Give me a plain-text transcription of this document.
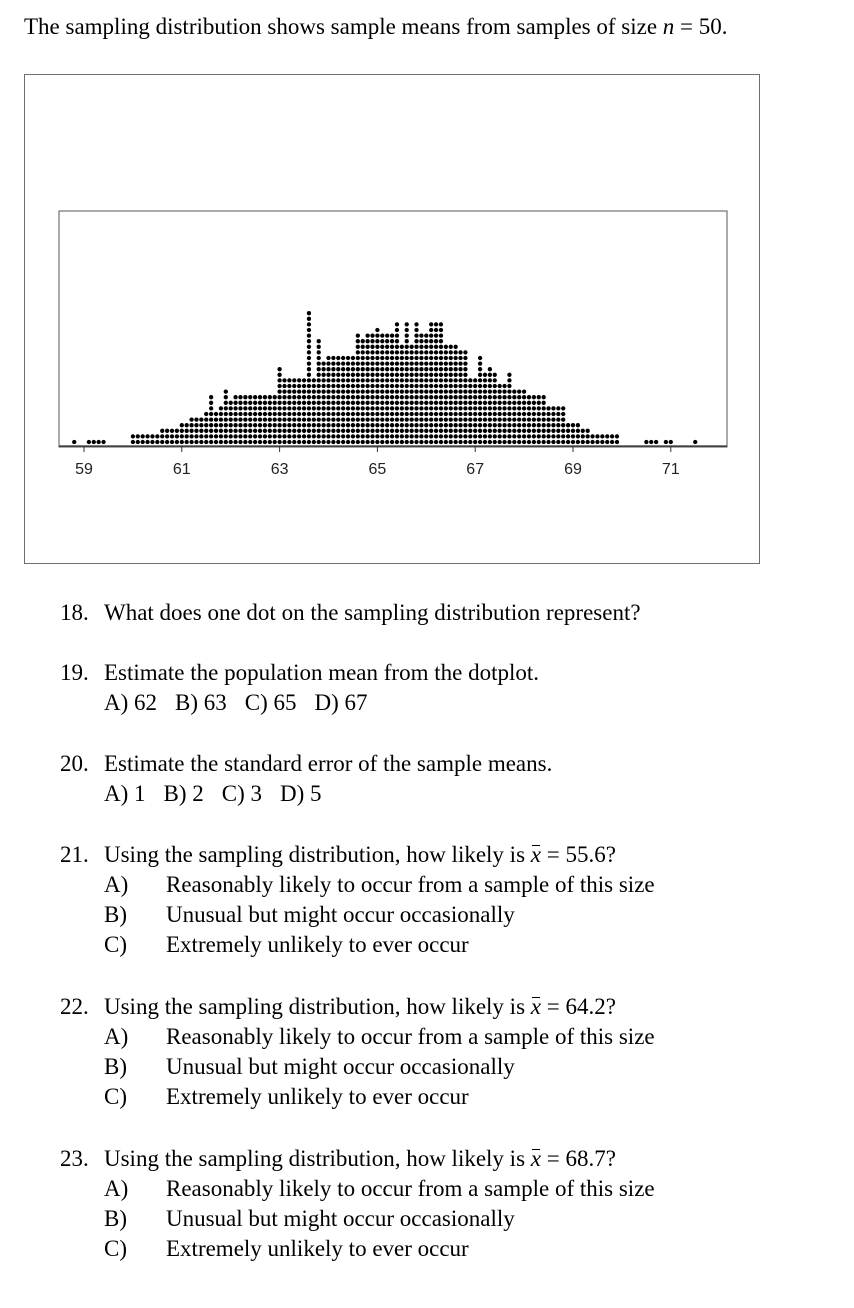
The sampling distribution shows sample means from samples of size n = 50.
59	61	63	65	67	69	71
18. What does one dot on the sampling distribution represent?
19. Estimate the population mean from the dotplot.
A) 62 B) 63 C) 65 D) 67
20. Estimate the standard error of the sample means.
A) 1 B) 2 C) 3 D) 5
21. Using the sampling distribution, how likely is x = 55.6?
A)	Reasonably likely to occur from a sample of this size
B)	Unusual but might occur occasionally
C)	Extremely unlikely to ever occur
22. Using the sampling distribution, how likely is x = 64.2?
A)	Reasonably likely to occur from a sample of this size
B)	Unusual but might occur occasionally
C)	Extremely unlikely to ever occur
23. Using the sampling distribution, how likely is x = 68.7?
A)	Reasonably likely to occur from a sample of this size
B)	Unusual but might occur occasionally
C)	Extremely unlikely to ever occur
